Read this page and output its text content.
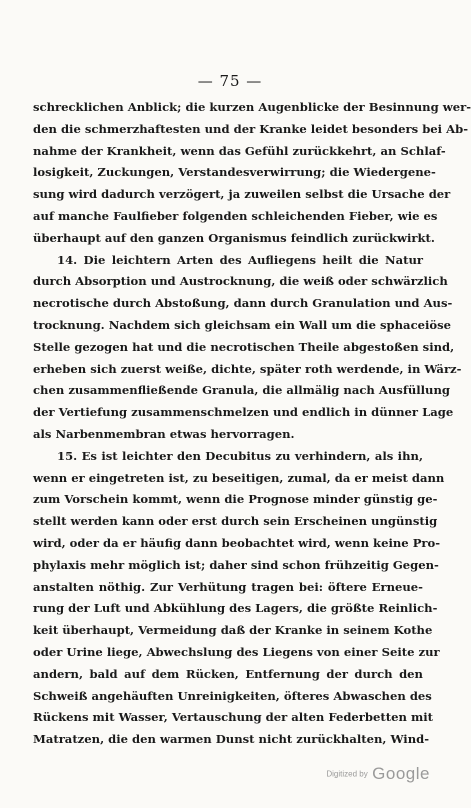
— 75 —
schrecklichen Anblick; die kurzen Augenblicke der Besinnung wer-
den die schmerzhaftesten und der Kranke leidet besonders bei Ab-
nahme der Krankheit, wenn das Gefühl zurückkehrt, an Schlaf-
losigkeit, Zuckungen, Verstandesverwirrung; die Wiedergene-
sung wird dadurch verzögert, ja zuweilen selbst die Ursache der
auf manche Faulfieber folgenden schleichenden Fieber, wie es
überhaupt auf den ganzen Organismus feindlich zurückwirkt.
14. Die leichtern Arten des Aufliegens heilt die Natur
durch Absorption und Austrocknung, die weiß oder schwärzlich
necrotische durch Abstoßung, dann durch Granulation und Aus-
trocknung. Nachdem sich gleichsam ein Wall um die sphaceiöse
Stelle gezogen hat und die necrotischen Theile abgestoßen sind,
erheben sich zuerst weiße, dichte, später roth werdende, in Wärz-
chen zusammenfließende Granula, die allmälig nach Ausfüllung
der Vertiefung zusammenschmelzen und endlich in dünner Lage
als Narbenmembran etwas hervorragen.
15. Es ist leichter den Decubitus zu verhindern, als ihn,
wenn er eingetreten ist, zu beseitigen, zumal, da er meist dann
zum Vorschein kommt, wenn die Prognose minder günstig ge-
stellt werden kann oder erst durch sein Erscheinen ungünstig
wird, oder da er häufig dann beobachtet wird, wenn keine Pro-
phylaxis mehr möglich ist; daher sind schon frühzeitig Gegen-
anstalten nöthig. Zur Verhütung tragen bei: öftere Erneue-
rung der Luft und Abkühlung des Lagers, die größte Reinlich-
keit überhaupt, Vermeidung daß der Kranke in seinem Kothe
oder Urine liege, Abwechslung des Liegens von einer Seite zur
andern, bald auf dem Rücken, Entfernung der durch den
Schweiß angehäuften Unreinigkeiten, öfteres Abwaschen des
Rückens mit Wasser, Vertauschung der alten Federbetten mit
Matratzen, die den warmen Dunst nicht zurückhalten, Wind-
Digitized by Google
